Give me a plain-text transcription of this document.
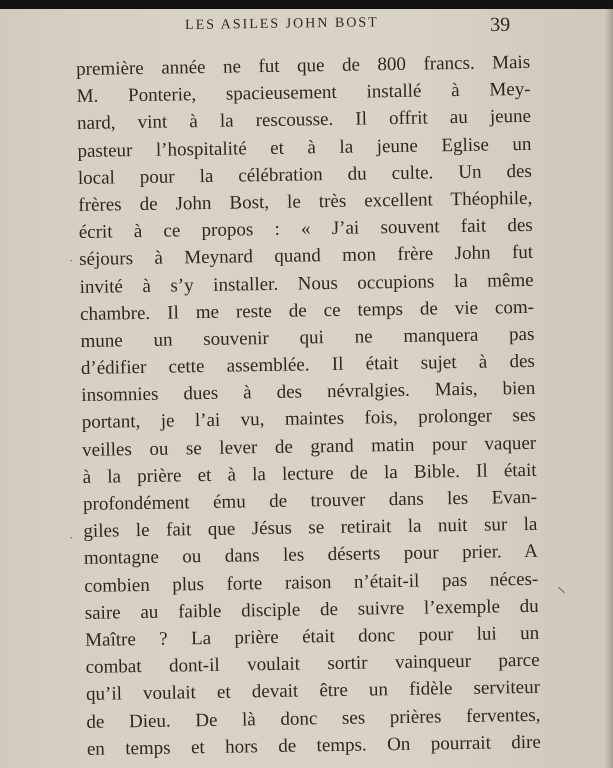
LES ASILES JOHN BOST	39
première année ne fut que de 800 francs. Mais
M. Ponterie, spacieusement installé à Mey-
nard, vint à la rescousse. Il offrit au jeune
pasteur l’hospitalité et à la jeune Eglise un
local pour la célébration du culte. Un des
frères de John Bost, le très excellent Théophile,
écrit à ce propos : « J’ai souvent fait des
séjours à Meynard quand mon frère John fut
invité à s’y installer. Nous occupions la même
chambre. Il me reste de ce temps de vie com-
mune un souvenir qui ne manquera pas
d’édifier cette assemblée. Il était sujet à des
insomnies dues à des névralgies. Mais, bien
portant, je l’ai vu, maintes fois, prolonger ses
veilles ou se lever de grand matin pour vaquer
à la prière et à la lecture de la Bible. Il était
profondément ému de trouver dans les Evan-
giles le fait que Jésus se retirait la nuit sur la
montagne ou dans les déserts pour prier. A
combien plus forte raison n’était-il pas néces-
saire au faible disciple de suivre l’exemple du
Maître ? La prière était donc pour lui un
combat dont-il voulait sortir vainqueur parce
qu’il voulait et devait être un fidèle serviteur
de Dieu. De là donc ses prières ferventes,
en temps et hors de temps. On pourrait dire
\
·
·
